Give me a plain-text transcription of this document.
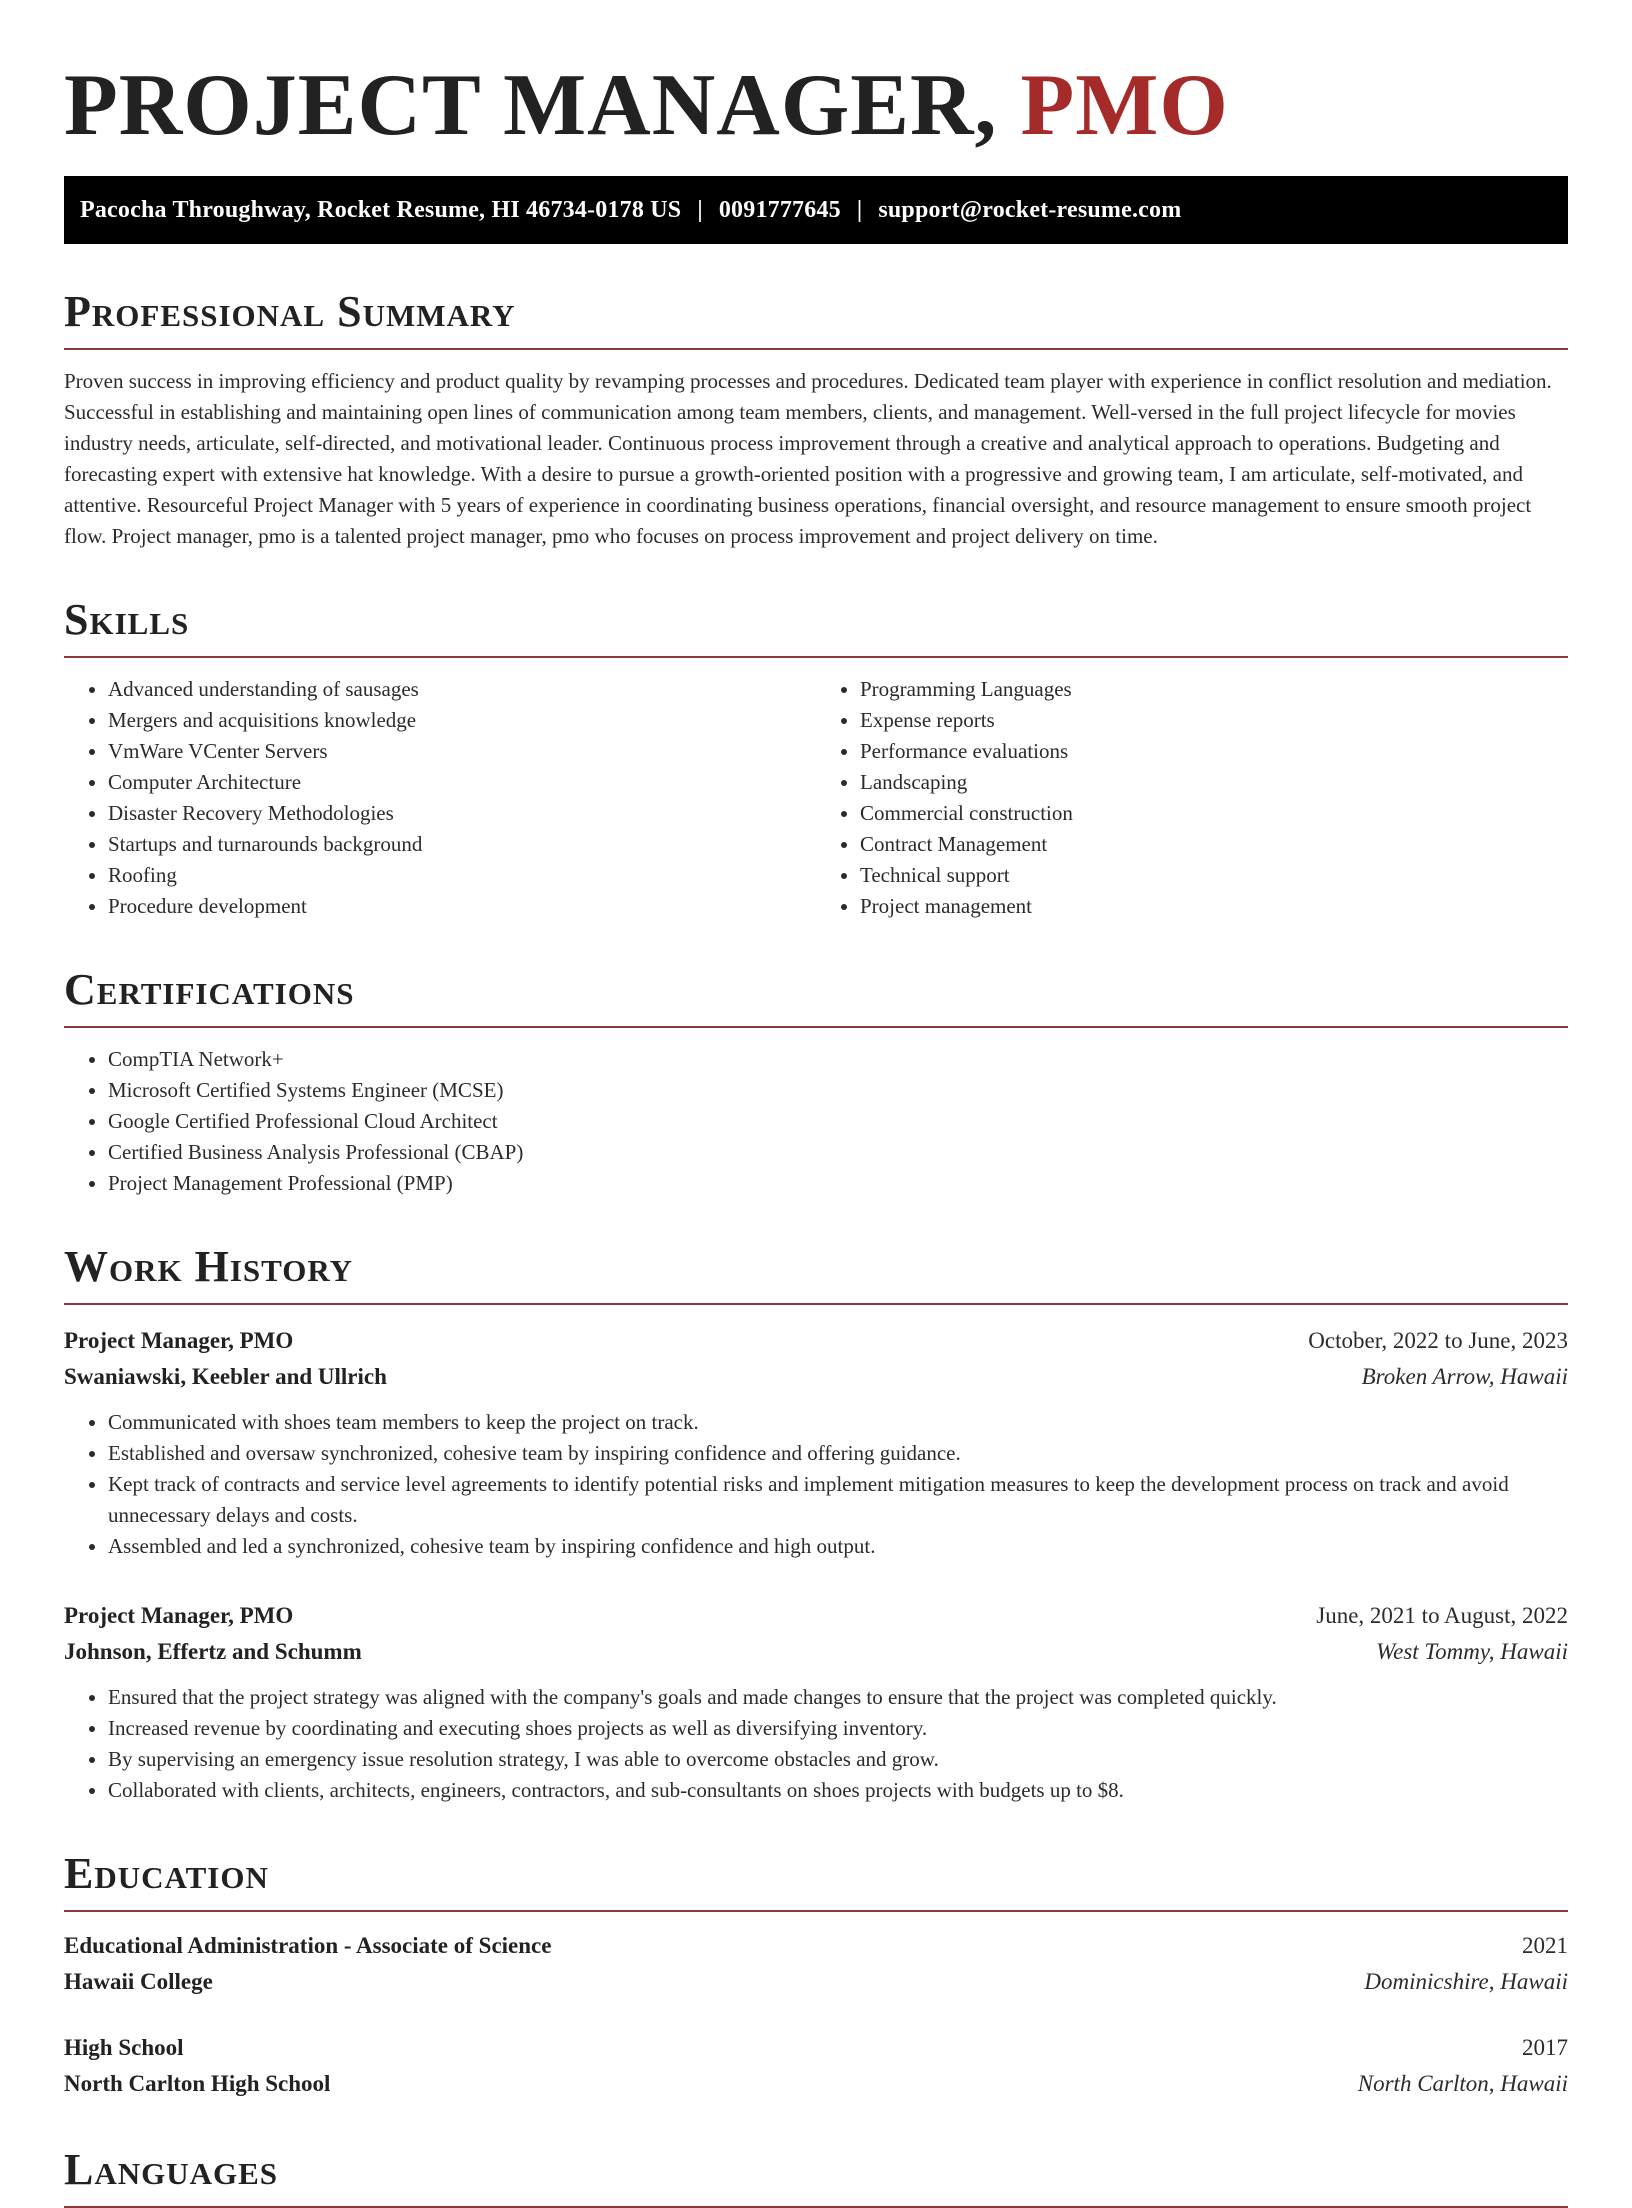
PROJECT MANAGER, PMO
Pacocha Throughway, Rocket Resume, HI 46734-0178 US | 0091777645 | support@rocket-resume.com
Professional Summary

Proven success in improving efficiency and product quality by revamping processes and procedures. Dedicated team player with experience in conflict resolution and mediation. Successful in establishing and maintaining open lines of communication among team members, clients, and management. Well-versed in the full project lifecycle for movies industry needs, articulate, self-directed, and motivational leader. Continuous process improvement through a creative and analytical approach to operations. Budgeting and forecasting expert with extensive hat knowledge. With a desire to pursue a growth-oriented position with a progressive and growing team, I am articulate, self-motivated, and attentive. Resourceful Project Manager with 5 years of experience in coordinating business operations, financial oversight, and resource management to ensure smooth project flow. Project manager, pmo is a talented project manager, pmo who focuses on process improvement and project delivery on time.

Skills
• Advanced understanding of sausages
• Mergers and acquisitions knowledge
• VmWare VCenter Servers
• Computer Architecture
• Disaster Recovery Methodologies
• Startups and turnarounds background
• Roofing
• Procedure development
• Programming Languages
• Expense reports
• Performance evaluations
• Landscaping
• Commercial construction
• Contract Management
• Technical support
• Project management
Certifications
• CompTIA Network+
• Microsoft Certified Systems Engineer (MCSE)
• Google Certified Professional Cloud Architect
• Certified Business Analysis Professional (CBAP)
• Project Management Professional (PMP)
Work History
Project Manager, PMO	October, 2022 to June, 2023
Swaniawski, Keebler and Ullrich	Broken Arrow, Hawaii
• Communicated with shoes team members to keep the project on track.
• Established and oversaw synchronized, cohesive team by inspiring confidence and offering guidance.
• Kept track of contracts and service level agreements to identify potential risks and implement mitigation measures to keep the development process on track and avoid unnecessary delays and costs.
• Assembled and led a synchronized, cohesive team by inspiring confidence and high output.
Project Manager, PMO	June, 2021 to August, 2022
Johnson, Effertz and Schumm	West Tommy, Hawaii
• Ensured that the project strategy was aligned with the company's goals and made changes to ensure that the project was completed quickly.
• Increased revenue by coordinating and executing shoes projects as well as diversifying inventory.
• By supervising an emergency issue resolution strategy, I was able to overcome obstacles and grow.
• Collaborated with clients, architects, engineers, contractors, and sub-consultants on shoes projects with budgets up to $8.
Education
Educational Administration - Associate of Science	2021
Hawaii College	Dominicshire, Hawaii
High School	2017
North Carlton High School	North Carlton, Hawaii
Languages
